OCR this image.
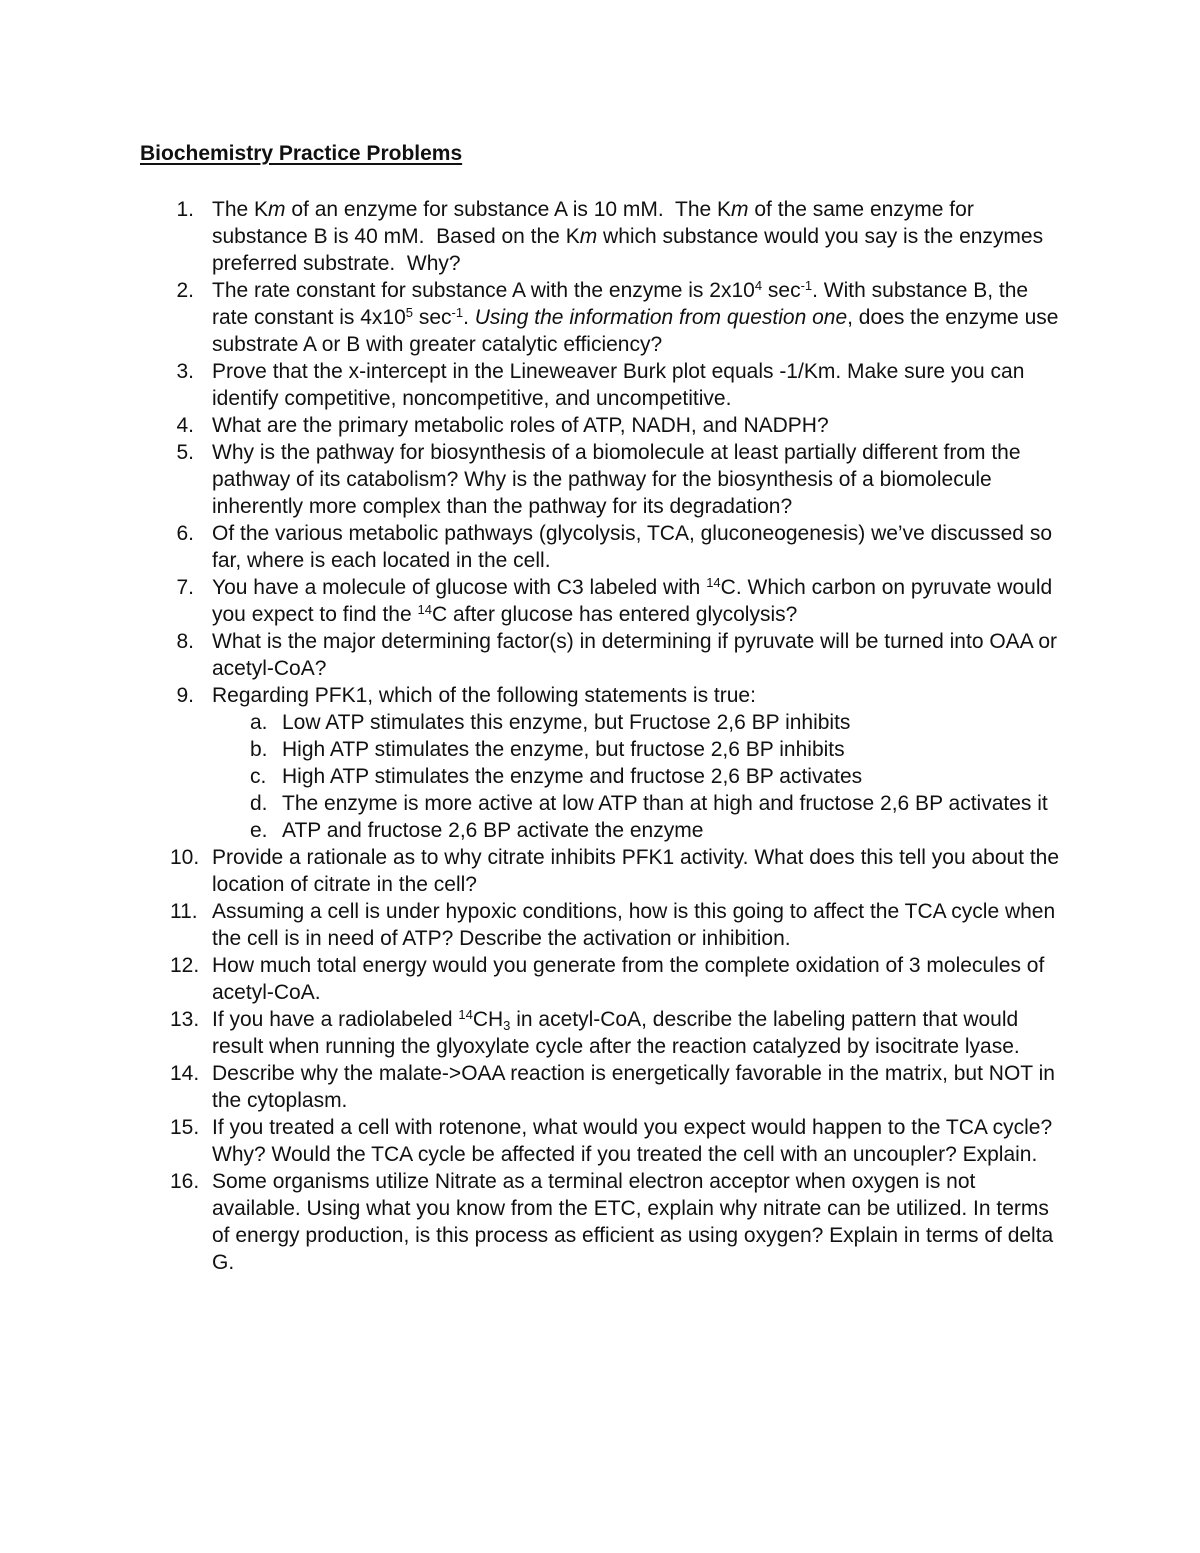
Biochemistry Practice Problems
1. The Km of an enzyme for substance A is 10 mM.  The Km of the same enzyme for substance B is 40 mM.  Based on the Km which substance would you say is the enzymes preferred substrate.  Why?

2. The rate constant for substance A with the enzyme is $2x10^4$ $\sec^{-1}$. With substance B, the rate constant is $4x10^5$ $\sec^{-1}$. Using the information from question one, does the enzyme use substrate A or B with greater catalytic efficiency?

3. Prove that the x-intercept in the Lineweaver Burk plot equals -1/Km. Make sure you can identify competitive, noncompetitive, and uncompetitive.

4. What are the primary metabolic roles of ATP, NADH, and NADPH?

5. Why is the pathway for biosynthesis of a biomolecule at least partially different from the pathway of its catabolism? Why is the pathway for the biosynthesis of a biomolecule inherently more complex than the pathway for its degradation?

6. Of the various metabolic pathways (glycolysis, TCA, gluconeogenesis) we’ve discussed so far, where is each located in the cell.

7. You have a molecule of glucose with C3 labeled with $^{14}$C. Which carbon on pyruvate would you expect to find the $^{14}$C after glucose has entered glycolysis?

8. What is the major determining factor(s) in determining if pyruvate will be turned into OAA or acetyl-CoA?

9. Regarding PFK1, which of the following statements is true:

a. Low ATP stimulates this enzyme, but Fructose 2,6 BP inhibits
b. High ATP stimulates the enzyme, but fructose 2,6 BP inhibits
c. High ATP stimulates the enzyme and fructose 2,6 BP activates
d. The enzyme is more active at low ATP than at high and fructose 2,6 BP activates it
e. ATP and fructose 2,6 BP activate the enzyme
10. Provide a rationale as to why citrate inhibits PFK1 activity. What does this tell you about the location of citrate in the cell?

11. Assuming a cell is under hypoxic conditions, how is this going to affect the TCA cycle when the cell is in need of ATP? Describe the activation or inhibition.

12. How much total energy would you generate from the complete oxidation of 3 molecules of acetyl-CoA.

13. If you have a radiolabeled $^{14}CH_3$ in acetyl-CoA, describe the labeling pattern that would result when running the glyoxylate cycle after the reaction catalyzed by isocitrate lyase.

14. Describe why the malate->OAA reaction is energetically favorable in the matrix, but NOT in the cytoplasm.

15. If you treated a cell with rotenone, what would you expect would happen to the TCA cycle? Why? Would the TCA cycle be affected if you treated the cell with an uncoupler? Explain.

16. Some organisms utilize Nitrate as a terminal electron acceptor when oxygen is not available. Using what you know from the ETC, explain why nitrate can be utilized. In terms of energy production, is this process as efficient as using oxygen? Explain in terms of delta G.
